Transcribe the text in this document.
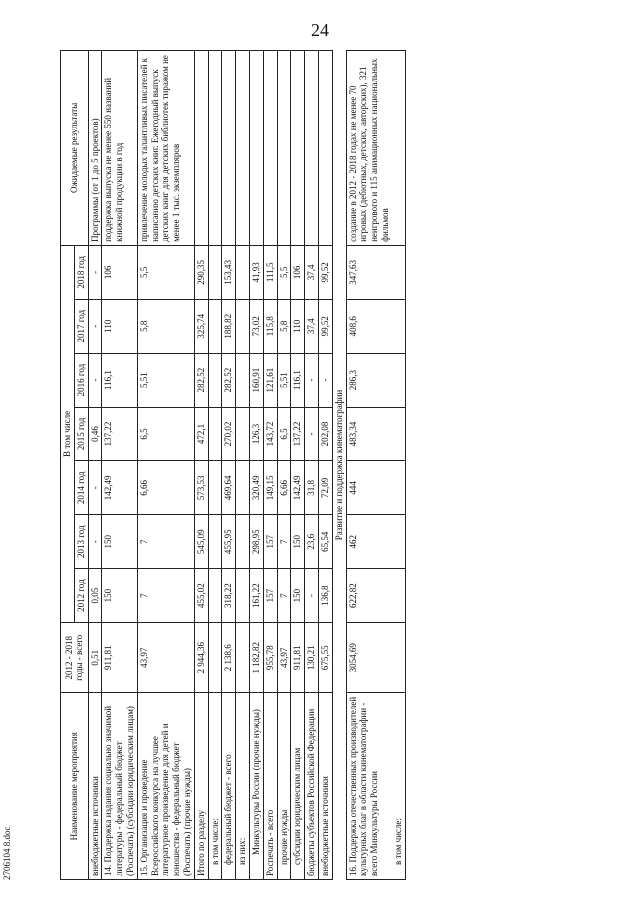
24
Наименование мероприятия	2012 - 2018 годы - всего	В том числе							Ожидаемые результаты
		2012 год	2013 год	2014 год	2015 год	2016 год	2017 год	2018 год	
внебюджетные источники	0,51	0,05	-	-	0,46	-	-	-	Программы (от 1 до 5 проектов)
14. Поддержка издания социально значимой литературы - федеральный бюджет (Роспечать) (субсидии юридическим лицам)	911,81	150	150	142,49	137,22	116,1	110	106	поддержка выпуска не менее 550 названий книжной продукции в год
15. Организация и проведение Всероссийского конкурса на лучшее литературное произведение для детей и юношества - федеральный бюджет (Роспечать) (прочие нужды)	43,97	7	7	6,66	6,5	5,51	5,8	5,5	привлечение молодых талантливых писателей к написанию детских книг. Ежегодный выпуск детских книг для детских библиотек тиражом не менее 1 тыс. экземпляров
Итого по разделу	2 944,36	455,02	545,09	573,53	472,1	282,52	325,74	290,35	
в том числе:									
федеральный бюджет - всего	2 138,6	318,22	455,95	469,64	270,02	282,52	188,82	153,43	
из них:									
Минкультуры России (прочие нужды)	1 182,82	161,22	298,95	320,49	126,3	160,91	73,02	41,93	
Роспечать - всего	955,78	157	157	149,15	143,72	121,61	115,8	111,5	
прочие нужды	43,97	7	7	6,66	6,5	5,51	5,8	5,5	
субсидии юридическим лицам	911,81	150	150	142,49	137,22	116,1	110	106	
бюджеты субъектов Российской Федерации	130,21	-	23,6	31,8	-	-	37,4	37,4	
внебюджетные источники	675,55	136,8	65,54	72,09	202,08	-	99,52	99,52	
Развитие и поддержка кинематографии									
16. Поддержка отечественных производителей культурных благ в области кинематографии - всего Минкультуры России	3054,69	622,82	462	444	483,34	286,3	408,6	347,63	создание в 2012 - 2018 годах не менее 70 игровых (дебютных, детских, авторских), 321 неигрового и 115 анимационных национальных фильмов
в том числе:									
2706104 8.doc
